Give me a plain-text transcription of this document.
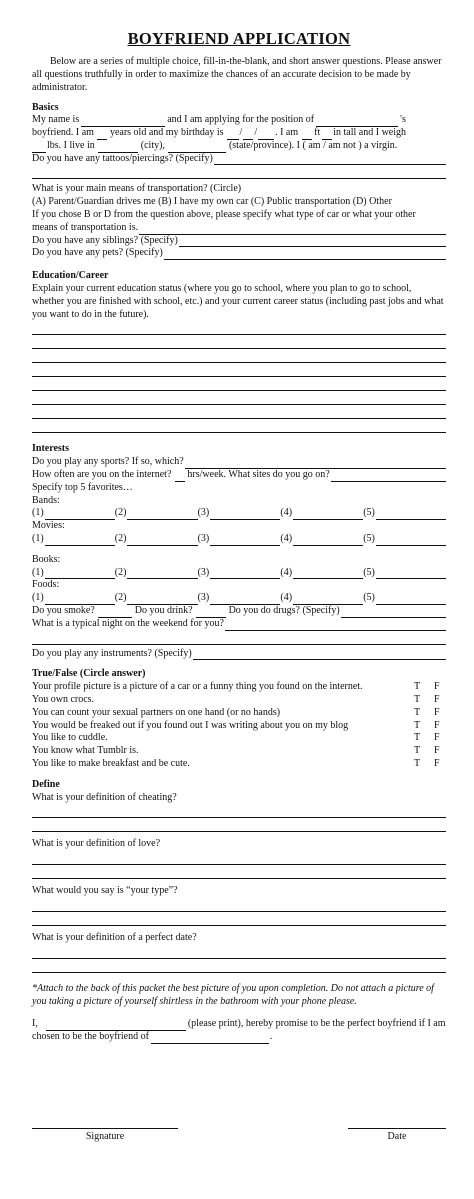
BOYFRIEND APPLICATION

Below are a series of multiple choice, fill-in-the-blank, and short answer questions. Please answer all questions truthfully in order to maximize the chances of an accurate decision to be made by administrator.

Basics

My name is	and I am applying for the position of	's
boyfriend. I am years old and my birthday is / / . I am ft in tall and I weigh
lbs. I live in	(city),	(state/province). I ( am / am not ) a virgin.
Do you have any tattoos/piercings? (Specify)

What is your main means of transportation? (Circle)

(A) Parent/Guardian drives me (B) I have my own car (C) Public transportation (D) Other

If you chose B or D from the question above, please specify what type of car or what your other

means of transportation is.
Do you have any siblings? (Specify)
Do you have any pets? (Specify)

Education/Career

Explain your current education status (where you go to school, where you plan to go to school, whether you are finished with school, etc.) and your current career status (including past jobs and what you want to do in the future).

Interests

Do you play any sports? If so, which?
How often are you on the internet? hrs/week. What sites do you go on?

Specify top 5 favorites…

Bands:

(1)	(2)	(3)	(4)	(5)

Movies:

(1)	(2)	(3)	(4)	(5)

Books:

(1)	(2)	(3)	(4)	(5)

Foods:

(1)	(2)	(3)	(4)	(5)
Do you smoke?	Do you drink?	Do you do drugs? (Specify)
What is a typical night on the weekend for you?
Do you play any instruments? (Specify)

True/False (Circle answer)

Your profile picture is a picture of a car or a funny thing you found on the internet.	T	F
You own crocs.	T	F
You can count your sexual partners on one hand (or no hands)	T	F
You would be freaked out if you found out I was writing about you on my blog	T	F
You like to cuddle.	T	F
You know what Tumblr is.	T	F
You like to make breakfast and be cute.	T	F

Define

What is your definition of cheating?

What is your definition of love?

What would you say is “your type”?

What is your definition of a perfect date?

*Attach to the back of this packet the best picture of you upon completion. Do not attach a picture of you taking a picture of yourself shirtless in the bathroom with your phone please.

I,	(please print), hereby promise to be the perfect boyfriend if I am
chosen to be the boyfriend of	.
Signature	Date
